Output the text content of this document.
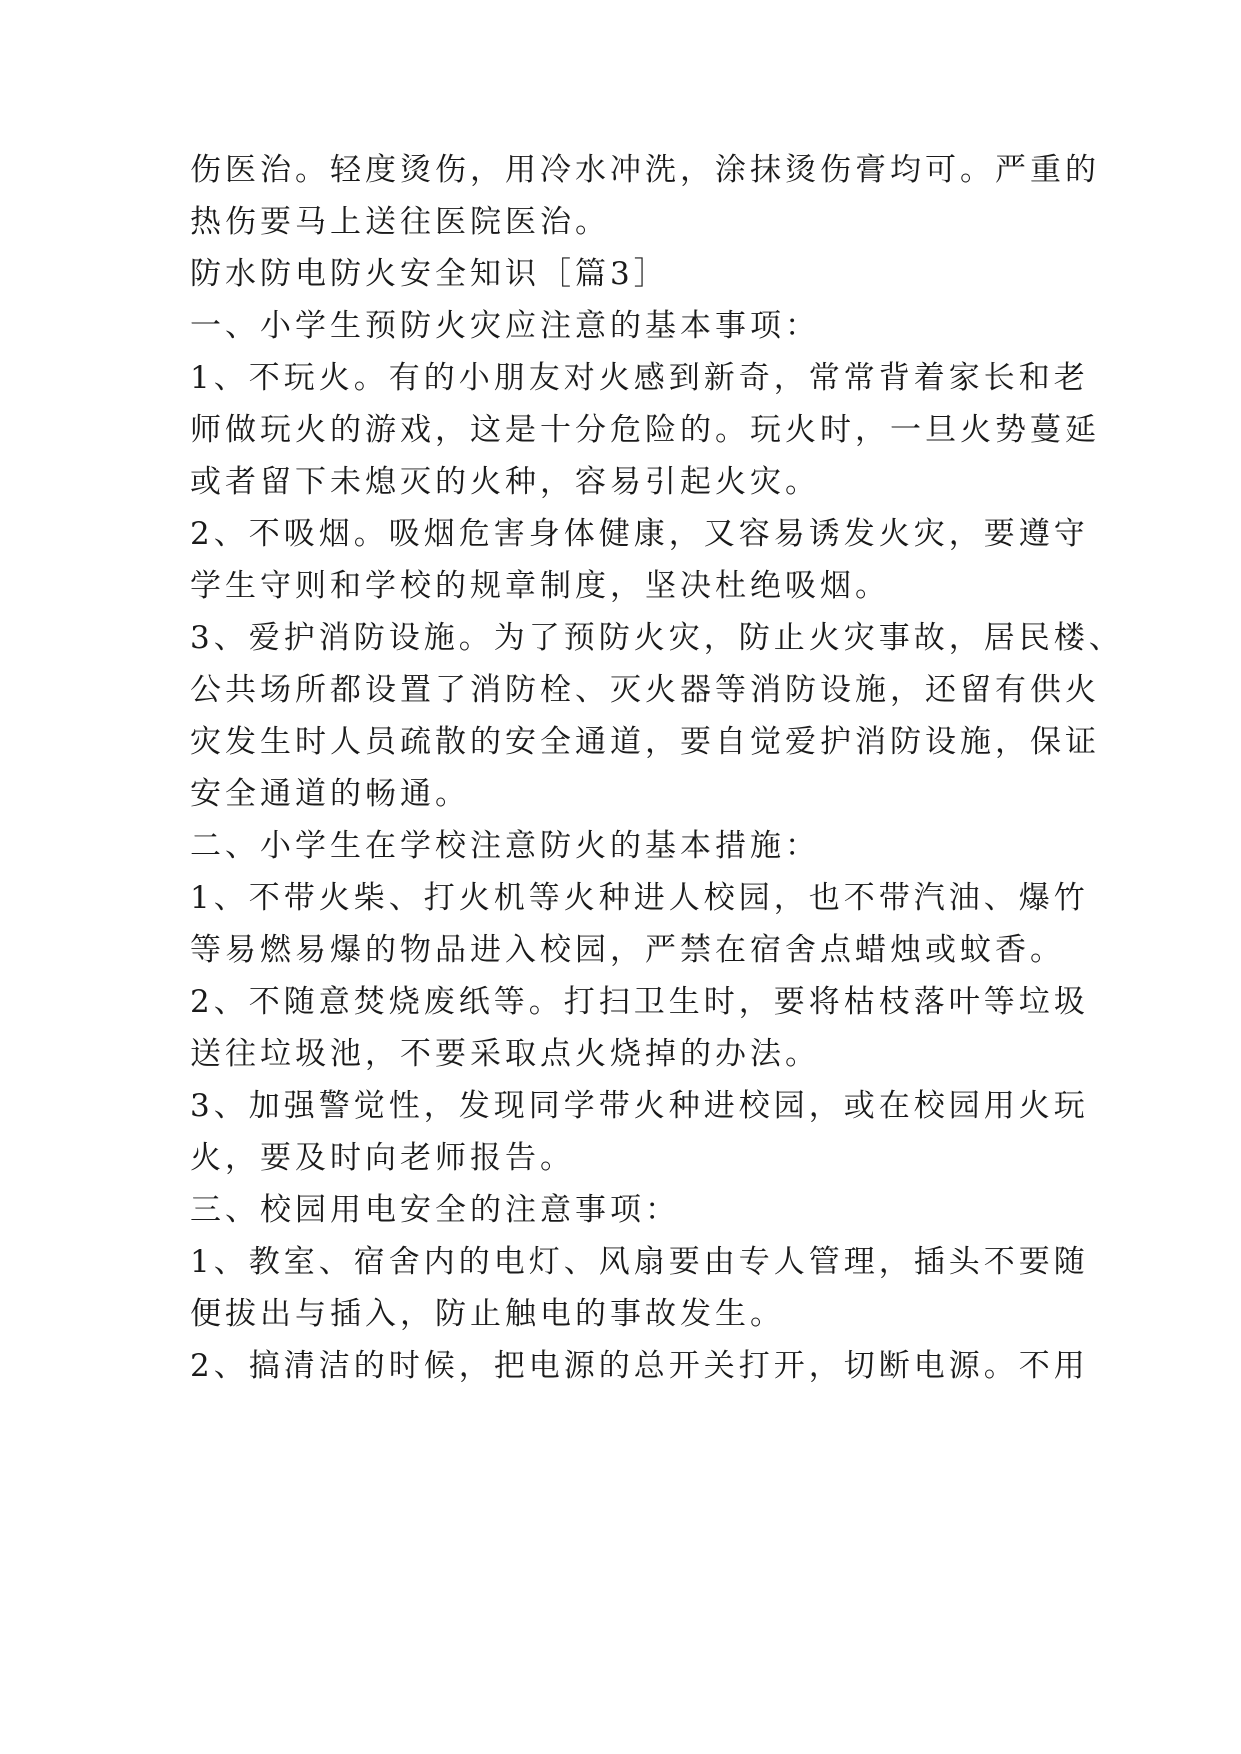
伤医治。轻度烫伤，用冷水冲洗，涂抹烫伤膏均可。严重的
热伤要马上送往医院医治。
防水防电防火安全知识［篇3］
一、小学生预防火灾应注意的基本事项：
1、不玩火。有的小朋友对火感到新奇，常常背着家长和老
师做玩火的游戏，这是十分危险的。玩火时，一旦火势蔓延
或者留下未熄灭的火种，容易引起火灾。
2、不吸烟。吸烟危害身体健康，又容易诱发火灾，要遵守
学生守则和学校的规章制度，坚决杜绝吸烟。
3、爱护消防设施。为了预防火灾，防止火灾事故，居民楼、
公共场所都设置了消防栓、灭火器等消防设施，还留有供火
灾发生时人员疏散的安全通道，要自觉爱护消防设施，保证
安全通道的畅通。
二、小学生在学校注意防火的基本措施：
1、不带火柴、打火机等火种进人校园，也不带汽油、爆竹
等易燃易爆的物品进入校园，严禁在宿舍点蜡烛或蚊香。
2、不随意焚烧废纸等。打扫卫生时，要将枯枝落叶等垃圾
送往垃圾池，不要采取点火烧掉的办法。
3、加强警觉性，发现同学带火种进校园，或在校园用火玩
火，要及时向老师报告。
三、校园用电安全的注意事项：
1、教室、宿舍内的电灯、风扇要由专人管理，插头不要随
便拔出与插入，防止触电的事故发生。
2、搞清洁的时候，把电源的总开关打开，切断电源。不用
